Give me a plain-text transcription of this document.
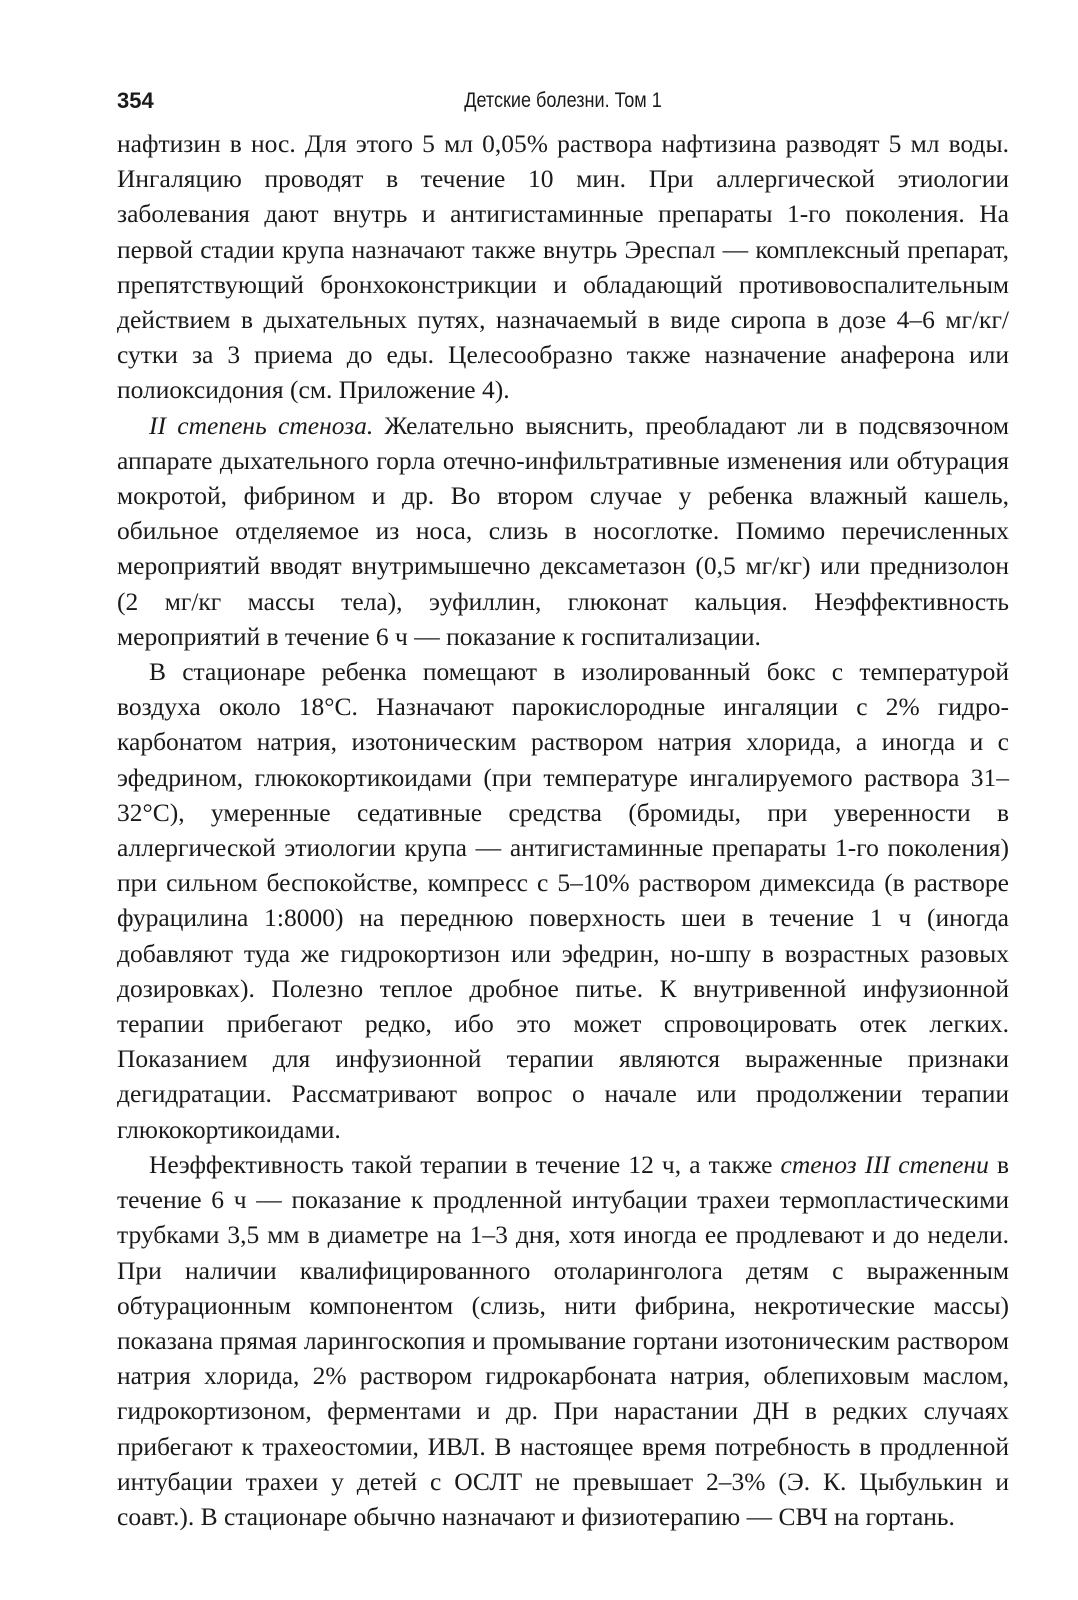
354	Детские болезни. Том 1

нафтизин в нос. Для этого 5 мл 0,05% раствора нафтизина разводят 5 мл воды. Ингаляцию проводят в течение 10 мин. При аллергической этиологии заболевания дают внутрь и антигистаминные препараты 1-го поколения. На первой стадии крупа назначают также внутрь Эреспал — комплексный препарат, препятствующий бронхоконстрикции и обладающий противовоспалительным действием в дыхательных путях, назначаемый в виде сиропа в дозе 4–6 мг/кг/сутки за 3 приема до еды. Целесообразно также назначение анаферона или полиоксидония (см. Приложение 4).

II степень стеноза. Желательно выяснить, преобладают ли в подсвязочном аппарате дыхательного горла отечно-инфильтративные изменения или обтурация мокротой, фибрином и др. Во втором случае у ребенка влажный кашель, обильное отделяемое из носа, слизь в носоглотке. Помимо перечисленных мероприятий вводят внутримышечно дексаметазон (0,5 мг/кг) или преднизолон (2 мг/кг массы тела), эуфиллин, глюконат кальция. Неэффективность мероприятий в течение 6 ч — показание к госпитализации.

В стационаре ребенка помещают в изолированный бокс с температурой воздуха около 18°С. Назначают парокислородные ингаляции с 2% гидрокарбонатом натрия, изотоническим раствором натрия хлорида, а иногда и с эфедрином, глюкокортикоидами (при температуре ингалируемого раствора 31–32°С), умеренные седативные средства (бромиды, при уверенности в аллергической этиологии крупа — антигистаминные препараты 1-го поколения) при сильном беспокойстве, компресс с 5–10% раствором димексида (в растворе фурацилина 1:8000) на переднюю поверхность шеи в течение 1 ч (иногда добавляют туда же гидрокортизон или эфедрин, но-шпу в возрастных разовых дозировках). Полезно теплое дробное питье. К внутривенной инфузионной терапии прибегают редко, ибо это может спровоцировать отек легких. Показанием для инфузионной терапии являются выраженные признаки дегидратации. Рассматривают вопрос о начале или продолжении терапии глюкокортикоидами.

Неэффективность такой терапии в течение 12 ч, а также стеноз III степени в течение 6 ч — показание к продленной интубации трахеи термопластическими трубками 3,5 мм в диаметре на 1–3 дня, хотя иногда ее продлевают и до недели. При наличии квалифицированного отоларинголога детям с выраженным обтурационным компонентом (слизь, нити фибрина, некротические массы) показана прямая ларингоскопия и промывание гортани изотоническим раствором натрия хлорида, 2% раствором гидрокарбоната натрия, облепиховым маслом, гидрокортизоном, ферментами и др. При нарастании ДН в редких случаях прибегают к трахеостомии, ИВЛ. В настоящее время потребность в продленной интубации трахеи у детей с ОСЛТ не превышает 2–3% (Э. К. Цыбулькин и соавт.). В стационаре обычно назначают и физиотерапию — СВЧ на гортань.
